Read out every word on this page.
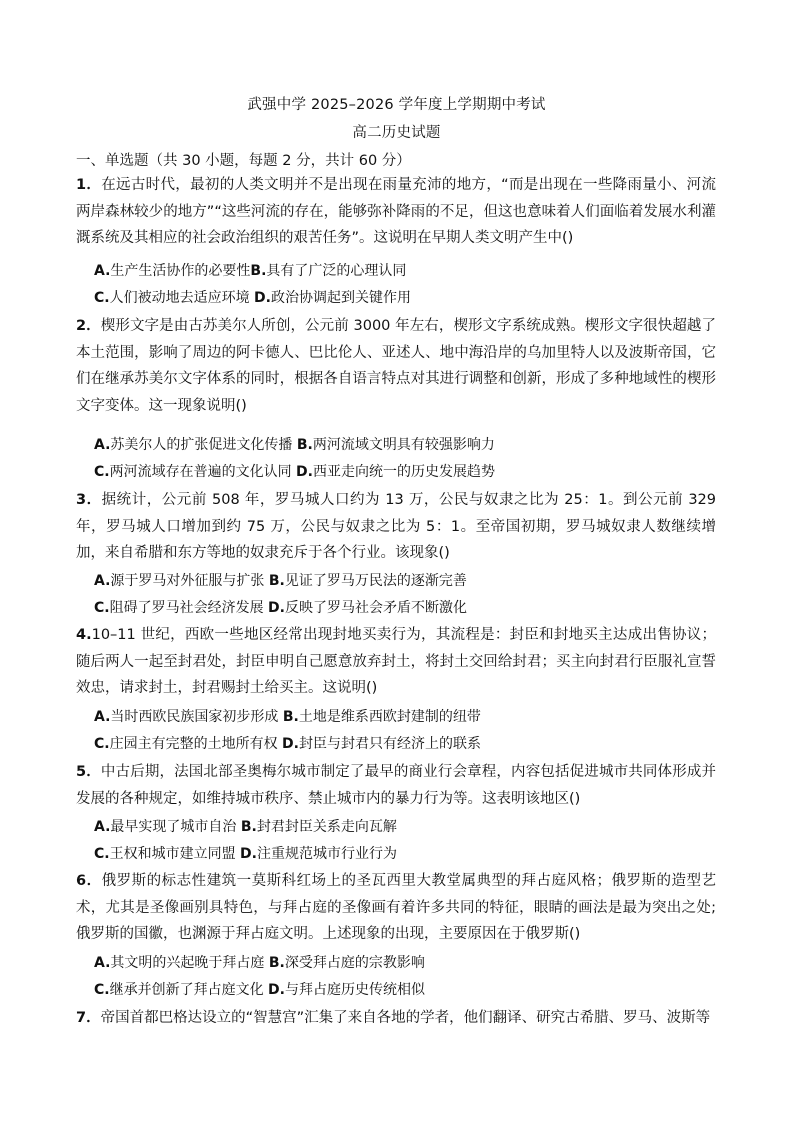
武强中学 2025–2026 学年度上学期期中考试
高二历史试题
一、单选题（共 30 小题，每题 2 分，共计 60 分）
1．在远古时代，最初的人类文明并不是出现在雨量充沛的地方，“而是出现在一些降雨量小、河流两岸森林较少的地方”“这些河流的存在，能够弥补降雨的不足，但这也意味着人们面临着发展水利灌溉系统及其相应的社会政治组织的艰苦任务”。这说明在早期人类文明产生中()
A.生产生活协作的必要性B.具有了广泛的心理认同
C.人们被动地去适应环境 D.政治协调起到关键作用
2．楔形文字是由古苏美尔人所创，公元前 3000 年左右，楔形文字系统成熟。楔形文字很快超越了本土范围，影响了周边的阿卡德人、巴比伦人、亚述人、地中海沿岸的乌加里特人以及波斯帝国，它们在继承苏美尔文字体系的同时，根据各自语言特点对其进行调整和创新，形成了多种地域性的楔形文字变体。这一现象说明()
A.苏美尔人的扩张促进文化传播 B.两河流域文明具有较强影响力
C.两河流域存在普遍的文化认同 D.西亚走向统一的历史发展趋势
3．据统计，公元前 508 年，罗马城人口约为 13 万，公民与奴隶之比为 25：1。到公元前 329 年，罗马城人口增加到约 75 万，公民与奴隶之比为 5：1。至帝国初期，罗马城奴隶人数继续增加，来自希腊和东方等地的奴隶充斥于各个行业。该现象()
A.源于罗马对外征服与扩张 B.见证了罗马万民法的逐渐完善
C.阻碍了罗马社会经济发展 D.反映了罗马社会矛盾不断激化
4.10–11 世纪，西欧一些地区经常出现封地买卖行为，其流程是：封臣和封地买主达成出售协议；随后两人一起至封君处，封臣申明自己愿意放弃封土，将封土交回给封君；买主向封君行臣服礼宣誓效忠，请求封土，封君赐封土给买主。这说明()
A.当时西欧民族国家初步形成 B.土地是维系西欧封建制的纽带
C.庄园主有完整的土地所有权 D.封臣与封君只有经济上的联系
5．中古后期，法国北部圣奥梅尔城市制定了最早的商业行会章程，内容包括促进城市共同体形成并发展的各种规定，如维持城市秩序、禁止城市内的暴力行为等。这表明该地区()
A.最早实现了城市自治 B.封君封臣关系走向瓦解
C.王权和城市建立同盟 D.注重规范城市行业行为
6．俄罗斯的标志性建筑一莫斯科红场上的圣瓦西里大教堂属典型的拜占庭风格；俄罗斯的造型艺术，尤其是圣像画别具特色，与拜占庭的圣像画有着许多共同的特征，眼睛的画法是最为突出之处; 俄罗斯的国徽，也渊源于拜占庭文明。上述现象的出现，主要原因在于俄罗斯()
A.其文明的兴起晚于拜占庭 B.深受拜占庭的宗教影响
C.继承并创新了拜占庭文化 D.与拜占庭历史传统相似
7．帝国首都巴格达设立的“智慧宫”汇集了来自各地的学者，他们翻译、研究古希腊、罗马、波斯等
